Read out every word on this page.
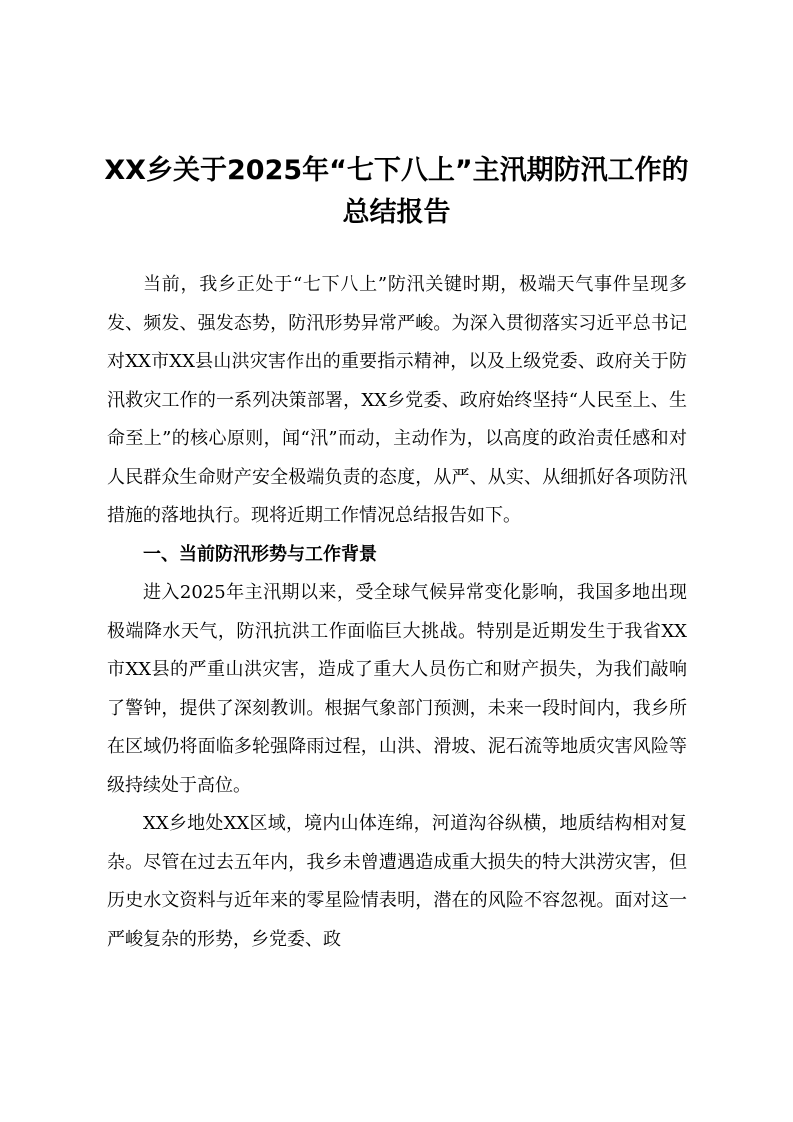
XX乡关于2025年“七下八上”主汛期防汛工作的总结报告

当前，我乡正处于“七下八上”防汛关键时期，极端天气事件呈现多发、频发、强发态势，防汛形势异常严峻。为深入贯彻落实习近平总书记对XX市XX县山洪灾害作出的重要指示精神，以及上级党委、政府关于防汛救灾工作的一系列决策部署，XX乡党委、政府始终坚持“人民至上、生命至上”的核心原则，闻“汛”而动，主动作为，以高度的政治责任感和对人民群众生命财产安全极端负责的态度，从严、从实、从细抓好各项防汛措施的落地执行。现将近期工作情况总结报告如下。

一、当前防汛形势与工作背景

进入2025年主汛期以来，受全球气候异常变化影响，我国多地出现极端降水天气，防汛抗洪工作面临巨大挑战。特别是近期发生于我省XX市XX县的严重山洪灾害，造成了重大人员伤亡和财产损失，为我们敲响了警钟，提供了深刻教训。根据气象部门预测，未来一段时间内，我乡所在区域仍将面临多轮强降雨过程，山洪、滑坡、泥石流等地质灾害风险等级持续处于高位。

XX乡地处XX区域，境内山体连绵，河道沟谷纵横，地质结构相对复杂。尽管在过去五年内，我乡未曾遭遇造成重大损失的特大洪涝灾害，但历史水文资料与近年来的零星险情表明，潜在的风险不容忽视。面对这一严峻复杂的形势，乡党委、政
